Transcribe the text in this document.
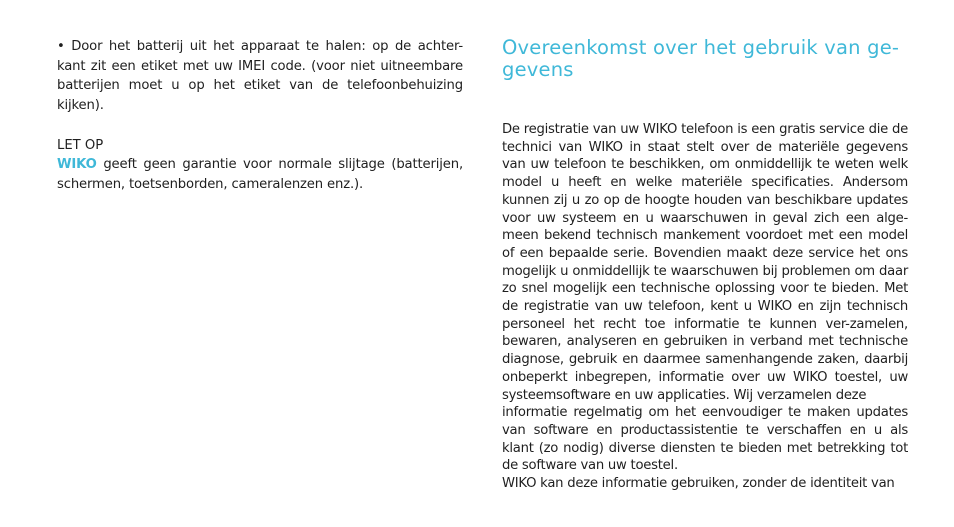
• Door het batterij uit het apparaat te halen: op de achter-kant zit een etiket met uw IMEI code. (voor niet uitneembare batterijen moet u op het etiket van de telefoonbehuizing kijken).

LET OP

WIKO geeft geen garantie voor normale slijtage (batterijen, schermen, toetsenborden, cameralenzen enz.).

Overeenkomst over het gebruik van ge-gevens

De registratie van uw WIKO telefoon is een gratis service die de technici van WIKO in staat stelt over de materiële gegevens van uw telefoon te beschikken, om onmiddellijk te weten welk model u heeft en welke materiële specificaties. Andersom kunnen zij u zo op de hoogte houden van beschikbare updates voor uw systeem en u waarschuwen in geval zich een alge-meen bekend technisch mankement voordoet met een model of een bepaalde serie. Bovendien maakt deze service het ons mogelijk u onmiddellijk te waarschuwen bij problemen om daar zo snel mogelijk een technische oplossing voor te bieden. Met de registratie van uw telefoon, kent u WIKO en zijn technisch personeel het recht toe informatie te kunnen ver-zamelen, bewaren, analyseren en gebruiken in verband met technische diagnose, gebruik en daarmee samenhangende zaken, daarbij onbeperkt inbegrepen, informatie over uw WIKO toestel, uw systeemsoftware en uw applicaties. Wij verzamelen deze

informatie regelmatig om het eenvoudiger te maken updates van software en productassistentie te verschaffen en u als klant (zo nodig) diverse diensten te bieden met betrekking tot de software van uw toestel.

WIKO kan deze informatie gebruiken, zonder de identiteit van
